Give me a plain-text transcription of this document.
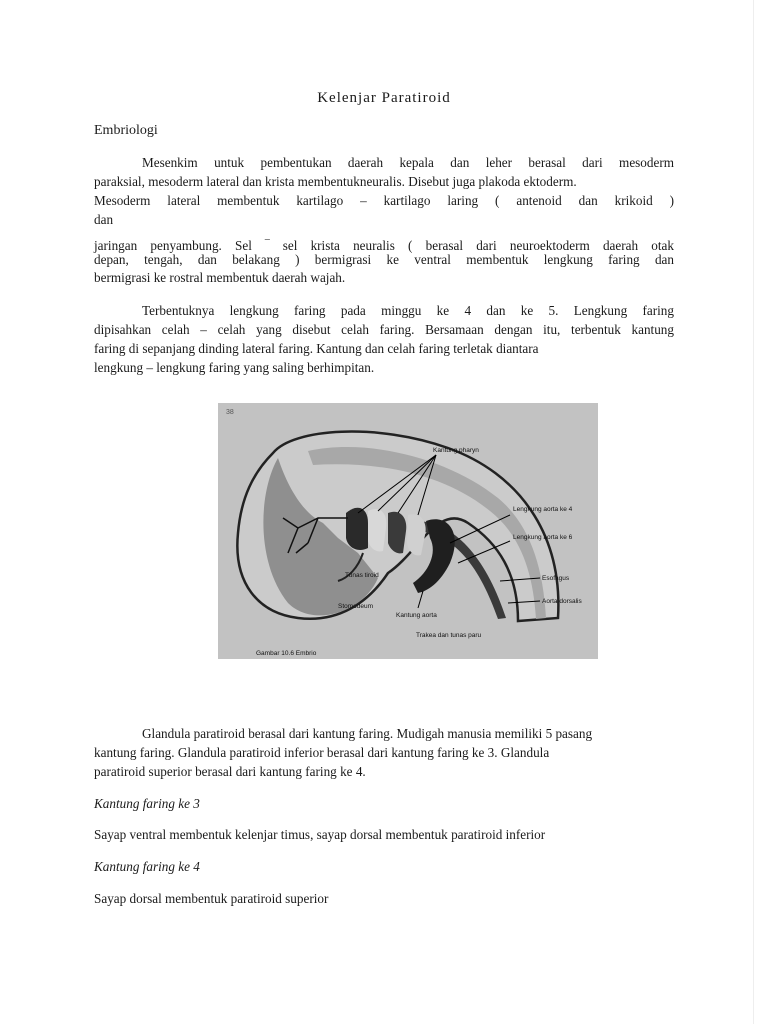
Kelenjar Paratiroid
Embriologi

Mesenkim untuk pembentukan daerah kepala dan leher berasal dari mesoderm
paraksial, mesoderm lateral dan krista membentukneuralis. Disebut juga plakoda ektoderm.
Mesoderm lateral membentuk kartilago – kartilago laring ( antenoid dan krikoid )
dan

jaringan penyambung. Sel ‾ sel krista neuralis ( berasal dari neuroektoderm daerah otak
depan, tengah, dan belakang ) bermigrasi ke ventral membentuk lengkung faring dan
bermigrasi ke rostral membentuk daerah wajah.

Terbentuknya lengkung faring pada minggu ke 4 dan ke 5. Lengkung faring
dipisahkan celah – celah yang disebut celah faring. Bersamaan dengan itu, terbentuk kantung
faring di sepanjang dinding lateral faring. Kantung dan celah faring terletak diantara
lengkung – lengkung faring yang saling berhimpitan.

38
Kantung pharyn
Lengkung aorta ke 4
Lengkung aorta ke 6
Esofagus
Aorta dorsalis
Tunas tiroid
Stomodeum
Kantung aorta
Trakea dan tunas paru
Gambar 10.6 Embrio

Glandula paratiroid berasal dari kantung faring. Mudigah manusia memiliki 5 pasang
kantung faring. Glandula paratiroid inferior berasal dari kantung faring ke 3. Glandula
paratiroid superior berasal dari kantung faring ke 4.

Kantung faring ke 3

Sayap ventral membentuk kelenjar timus, sayap dorsal membentuk paratiroid inferior

Kantung faring ke 4

Sayap dorsal membentuk paratiroid superior
